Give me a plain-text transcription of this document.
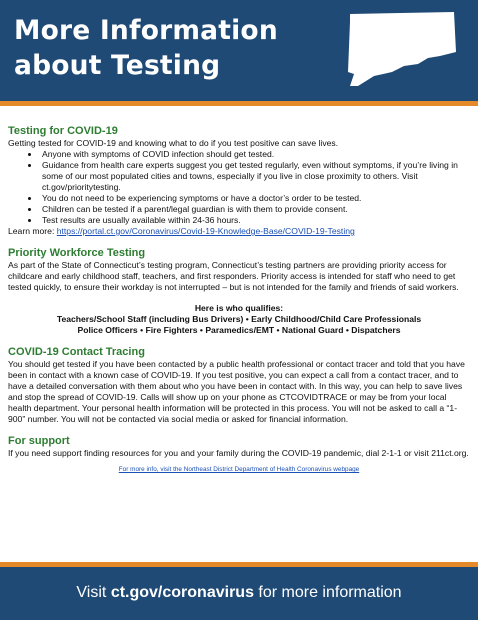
More Information
about Testing

Testing for COVID-19

Getting tested for COVID-19 and knowing what to do if you test positive can save lives.

• Anyone with symptoms of COVID infection should get tested.
• Guidance from health care experts suggest you get tested regularly, even without symptoms, if you’re living in some of our most populated cities and towns, especially if you live in close proximity to others. Visit ct.gov/prioritytesting.
• You do not need to be experiencing symptoms or have a doctor’s order to be tested.
• Children can be tested if a parent/legal guardian is with them to provide consent.
• Test results are usually available within 24-36 hours.

Learn more: https://portal.ct.gov/Coronavirus/Covid-19-Knowledge-Base/COVID-19-Testing

Priority Workforce Testing

As part of the State of Connecticut’s testing program, Connecticut’s testing partners are providing priority access for childcare and early childhood staff, teachers, and first responders. Priority access is intended for staff who need to get tested quickly, to ensure their workday is not interrupted – but is not intended for the family and friends of said workers.

Here is who qualifies:

Teachers/School Staff (including Bus Drivers) • Early Childhood/Child Care Professionals

Police Officers • Fire Fighters • Paramedics/EMT • National Guard • Dispatchers

COVID-19 Contact Tracing

You should get tested if you have been contacted by a public health professional or contact tracer and told that you have been in contact with a known case of COVID-19. If you test positive, you can expect a call from a contact tracer, and to have a detailed conversation with them about who you have been in contact with. In this way, you can help to save lives and stop the spread of COVID-19. Calls will show up on your phone as CTCOVIDTRACE or may be from your local health department. Your personal health information will be protected in this process. You will not be asked to call a “1-900” number. You will not be contacted via social media or asked for financial information.

For support

If you need support finding resources for you and your family during the COVID-19 pandemic, dial 2-1-1 or visit 211ct.org.

For more info, visit the Northeast District Department of Health Coronavirus webpage
Visit ct.gov/coronavirus for more information
